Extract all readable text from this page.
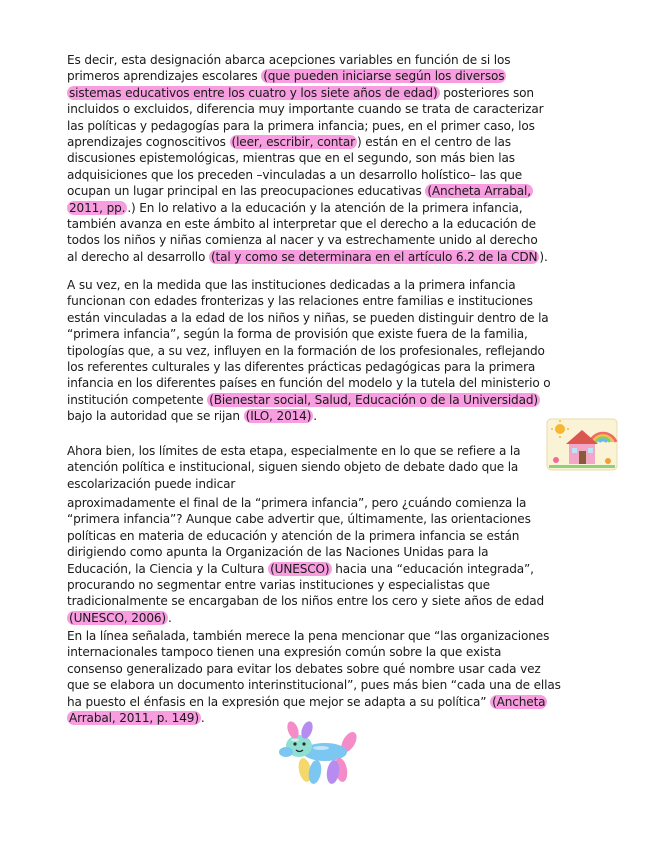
Es decir, esta designación abarca acepciones variables en función de si los
primeros aprendizajes escolares (que pueden iniciarse según los diversos
sistemas educativos entre los cuatro y los siete años de edad) posteriores son
incluidos o excluidos, diferencia muy importante cuando se trata de caracterizar
las políticas y pedagogías para la primera infancia; pues, en el primer caso, los
aprendizajes cognoscitivos (leer, escribir, contar ) están en el centro de las
discusiones epistemológicas, mientras que en el segundo, son más bien las
adquisiciones que los preceden –vinculadas a un desarrollo holístico– las que
ocupan un lugar principal en las preocupaciones educativas (Ancheta Arrabal,
2011, pp. .) En lo relativo a la educación y la atención de la primera infancia,
también avanza en este ámbito al interpretar que el derecho a la educación de
todos los niños y niñas comienza al nacer y va estrechamente unido al derecho
al derecho al desarrollo (tal y como se determinara en el artículo 6.2 de la CDN ).

A su vez, en la medida que las instituciones dedicadas a la primera infancia
funcionan con edades fronterizas y las relaciones entre familias e instituciones
están vinculadas a la edad de los niños y niñas, se pueden distinguir dentro de la
“primera infancia”, según la forma de provisión que existe fuera de la familia,
tipologías que, a su vez, influyen en la formación de los profesionales, reflejando
los referentes culturales y las diferentes prácticas pedagógicas para la primera
infancia en los diferentes países en función del modelo y la tutela del ministerio o
institución competente (Bienestar social, Salud, Educación o de la Universidad)
bajo la autoridad que se rijan (ILO, 2014) .

Ahora bien, los límites de esta etapa, especialmente en lo que se refiere a la
atención política e institucional, siguen siendo objeto de debate dado que la
escolarización puede indicar

aproximadamente el final de la “primera infancia”, pero ¿cuándo comienza la
“primera infancia”? Aunque cabe advertir que, últimamente, las orientaciones
políticas en materia de educación y atención de la primera infancia se están
dirigiendo como apunta la Organización de las Naciones Unidas para la
Educación, la Ciencia y la Cultura (UNESCO) hacia una “educación integrada”,
procurando no segmentar entre varias instituciones y especialistas que
tradicionalmente se encargaban de los niños entre los cero y siete años de edad
(UNESCO, 2006) .

En la línea señalada, también merece la pena mencionar que “las organizaciones
internacionales tampoco tienen una expresión común sobre la que exista
consenso generalizado para evitar los debates sobre qué nombre usar cada vez
que se elabora un documento interinstitucional”, pues más bien “cada una de ellas
ha puesto el énfasis en la expresión que mejor se adapta a su política” (Ancheta
Arrabal, 2011, p. 149) .
